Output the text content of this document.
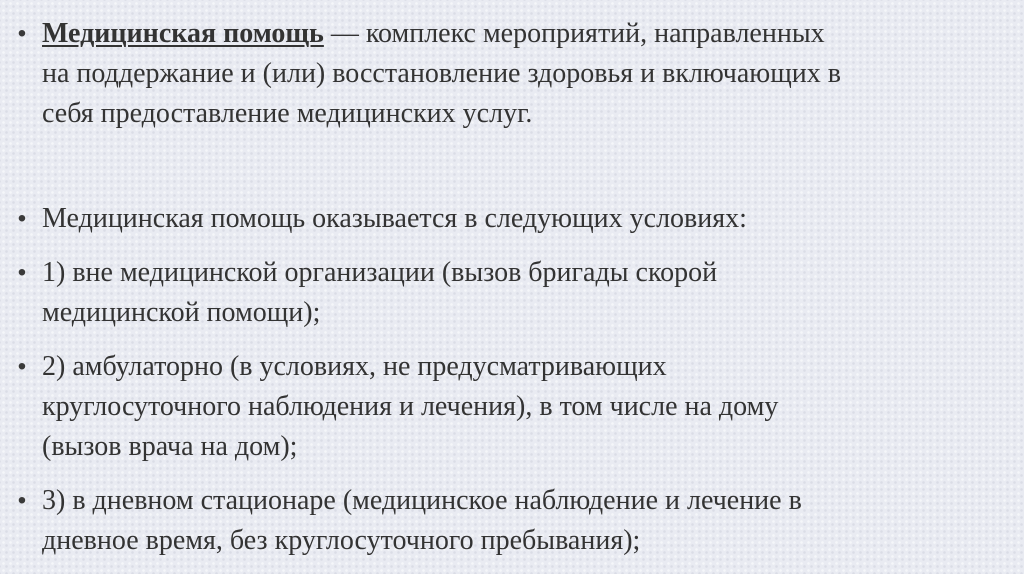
• Медицинская помощь — комплекс мероприятий, направленных
на поддержание и (или) восстановление здоровья и включающих в
себя предоставление медицинских услуг.
• Медицинская помощь оказывается в следующих условиях:
• 1) вне медицинской организации (вызов бригады скорой
медицинской помощи);
• 2) амбулаторно (в условиях, не предусматривающих
круглосуточного наблюдения и лечения), в том числе на дому
(вызов врача на дом);
• 3) в дневном стационаре (медицинское наблюдение и лечение в
дневное время, без круглосуточного пребывания);
